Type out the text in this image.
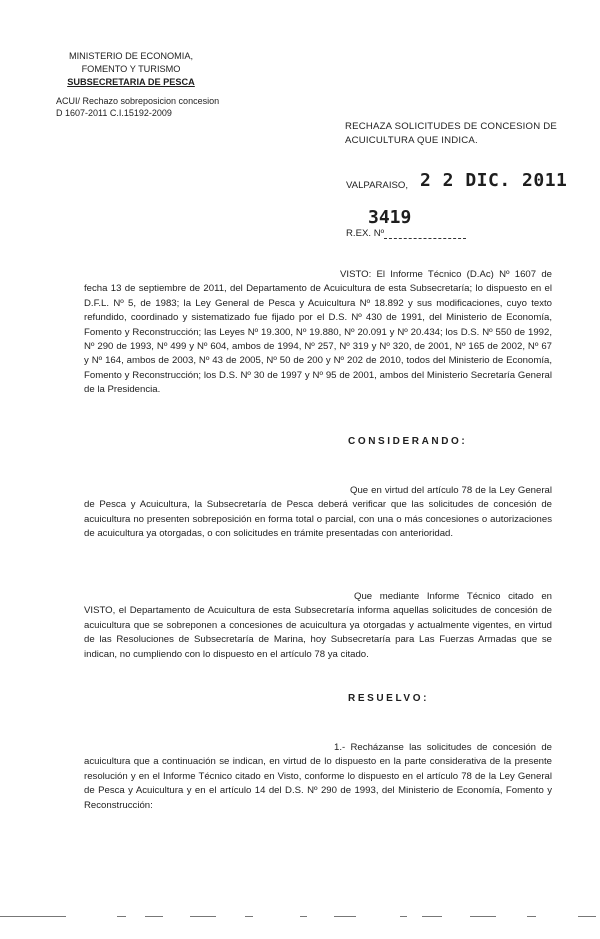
MINISTERIO DE ECONOMIA,
FOMENTO Y TURISMO
SUBSECRETARIA DE PESCA
ACUI/ Rechazo sobreposicion concesion
D 1607-2011 C.I.15192-2009
RECHAZA SOLICITUDES DE CONCESION DE ACUICULTURA QUE INDICA.
VALPARAISO, 2 2 DIC. 2011
3419
R.EX. Nº
VISTO: El Informe Técnico (D.Ac) Nº 1607 de fecha 13 de septiembre de 2011, del Departamento de Acuicultura de esta Subsecretaría; lo dispuesto en el D.F.L. Nº 5, de 1983; la Ley General de Pesca y Acuicultura Nº 18.892 y sus modificaciones, cuyo texto refundido, coordinado y sistematizado fue fijado por el D.S. Nº 430 de 1991, del Ministerio de Economía, Fomento y Reconstrucción; las Leyes Nº 19.300, Nº 19.880, Nº 20.091 y Nº 20.434; los D.S. Nº 550 de 1992, Nº 290 de 1993, Nº 499 y Nº 604, ambos de 1994, Nº 257, Nº 319 y Nº 320, de 2001, Nº 165 de 2002, Nº 67 y Nº 164, ambos de 2003, Nº 43 de 2005, Nº 50 de 200 y Nº 202 de 2010, todos del Ministerio de Economía, Fomento y Reconstrucción; los D.S. Nº 30 de 1997 y Nº 95 de 2001, ambos del Ministerio Secretaría General de la Presidencia.
CONSIDERANDO:
Que en virtud del artículo 78 de la Ley General de Pesca y Acuicultura, la Subsecretaría de Pesca deberá verificar que las solicitudes de concesión de acuicultura no presenten sobreposición en forma total o parcial, con una o más concesiones o autorizaciones de acuicultura ya otorgadas, o con solicitudes en trámite presentadas con anterioridad.
Que mediante Informe Técnico citado en VISTO, el Departamento de Acuicultura de esta Subsecretaría informa aquellas solicitudes de concesión de acuicultura que se sobreponen a concesiones de acuicultura ya otorgadas y actualmente vigentes, en virtud de las Resoluciones de Subsecretaría de Marina, hoy Subsecretaría para Las Fuerzas Armadas que se indican, no cumpliendo con lo dispuesto en el artículo 78 ya citado.
RESUELVO:
1.- Recházanse las solicitudes de concesión de acuicultura que a continuación se indican, en virtud de lo dispuesto en la parte considerativa de la presente resolución y en el Informe Técnico citado en Visto, conforme lo dispuesto en el artículo 78 de la Ley General de Pesca y Acuicultura y en el artículo 14 del D.S. Nº 290 de 1993, del Ministerio de Economía, Fomento y Reconstrucción:
